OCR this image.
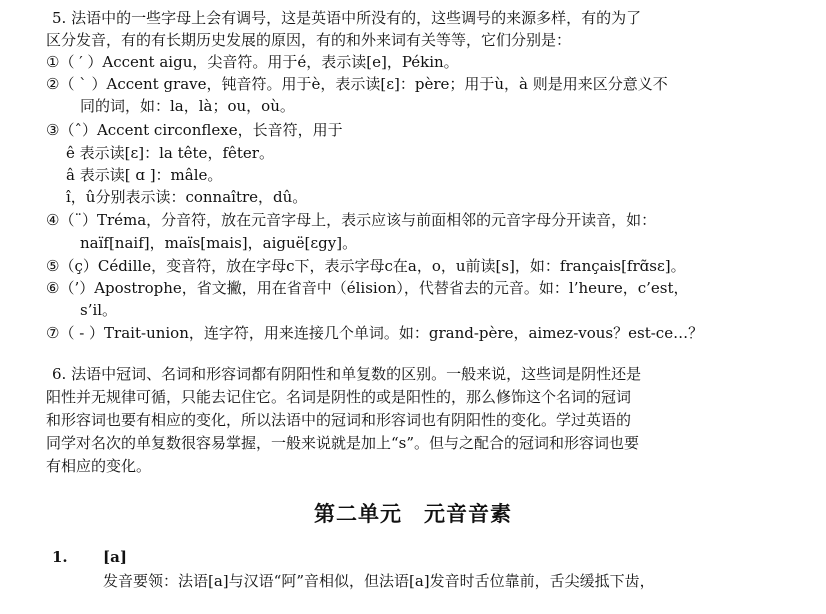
5. 法语中的一些字母上会有调号，这是英语中所没有的，这些调号的来源多样，有的为了
区分发音，有的有长期历史发展的原因，有的和外来词有关等等，它们分别是：
①（ ′ ）Accent aigu，尖音符。用于é，表示读[e]，Pékin。
②（ ` ）Accent grave，钝音符。用于è，表示读[ɛ]：père；用于ù，à 则是用来区分意义不
同的词，如：la，là；ou，où。
③（ˆ）Accent circonflexe，长音符，用于
ê 表示读[ɛ]：la tête，fêter。
â 表示读[ ɑ ]：mâle。
î，û分别表示读：connaître，dû。
④（¨）Tréma，分音符，放在元音字母上，表示应该与前面相邻的元音字母分开读音，如：
naïf[naif]，maïs[mais]，aiguë[ɛgy]。
⑤（ç）Cédille，变音符，放在字母c下，表示字母c在a，o，u前读[s]，如：français[frɑ̃sɛ]。
⑥（’）Apostrophe，省文撇，用在省音中（élision），代替省去的元音。如：l’heure，c’est，
s’il。
⑦（ - ）Trait-union，连字符，用来连接几个单词。如：grand-père，aimez-vous？est-ce…？
6. 法语中冠词、名词和形容词都有阴阳性和单复数的区别。一般来说，这些词是阴性还是
阳性并无规律可循，只能去记住它。名词是阴性的或是阳性的，那么修饰这个名词的冠词
和形容词也要有相应的变化，所以法语中的冠词和形容词也有阴阳性的变化。学过英语的
同学对名次的单复数很容易掌握，一般来说就是加上“s”。但与之配合的冠词和形容词也要
有相应的变化。
第二单元　元音音素
1. [a]
发音要领：法语[a]与汉语“阿”音相似，但法语[a]发音时舌位靠前，舌尖缓抵下齿，
